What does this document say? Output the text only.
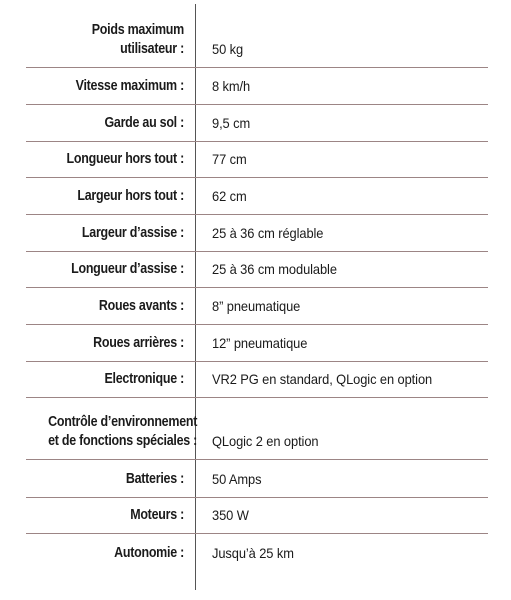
Poids maximum
utilisateur : 50 kg
Vitesse maximum : 8 km/h
Garde au sol : 9,5 cm
Longueur hors tout : 77 cm
Largeur hors tout : 62 cm
Largeur d’assise : 25 à 36 cm réglable
Longueur d’assise : 25 à 36 cm modulable
Roues avants : 8” pneumatique
Roues arrières : 12” pneumatique
Electronique : VR2 PG en standard, QLogic en option
Contrôle d’environnement
et de fonctions spéciales : QLogic 2 en option
Batteries : 50 Amps
Moteurs : 350 W
Autonomie : Jusqu’à 25 km
